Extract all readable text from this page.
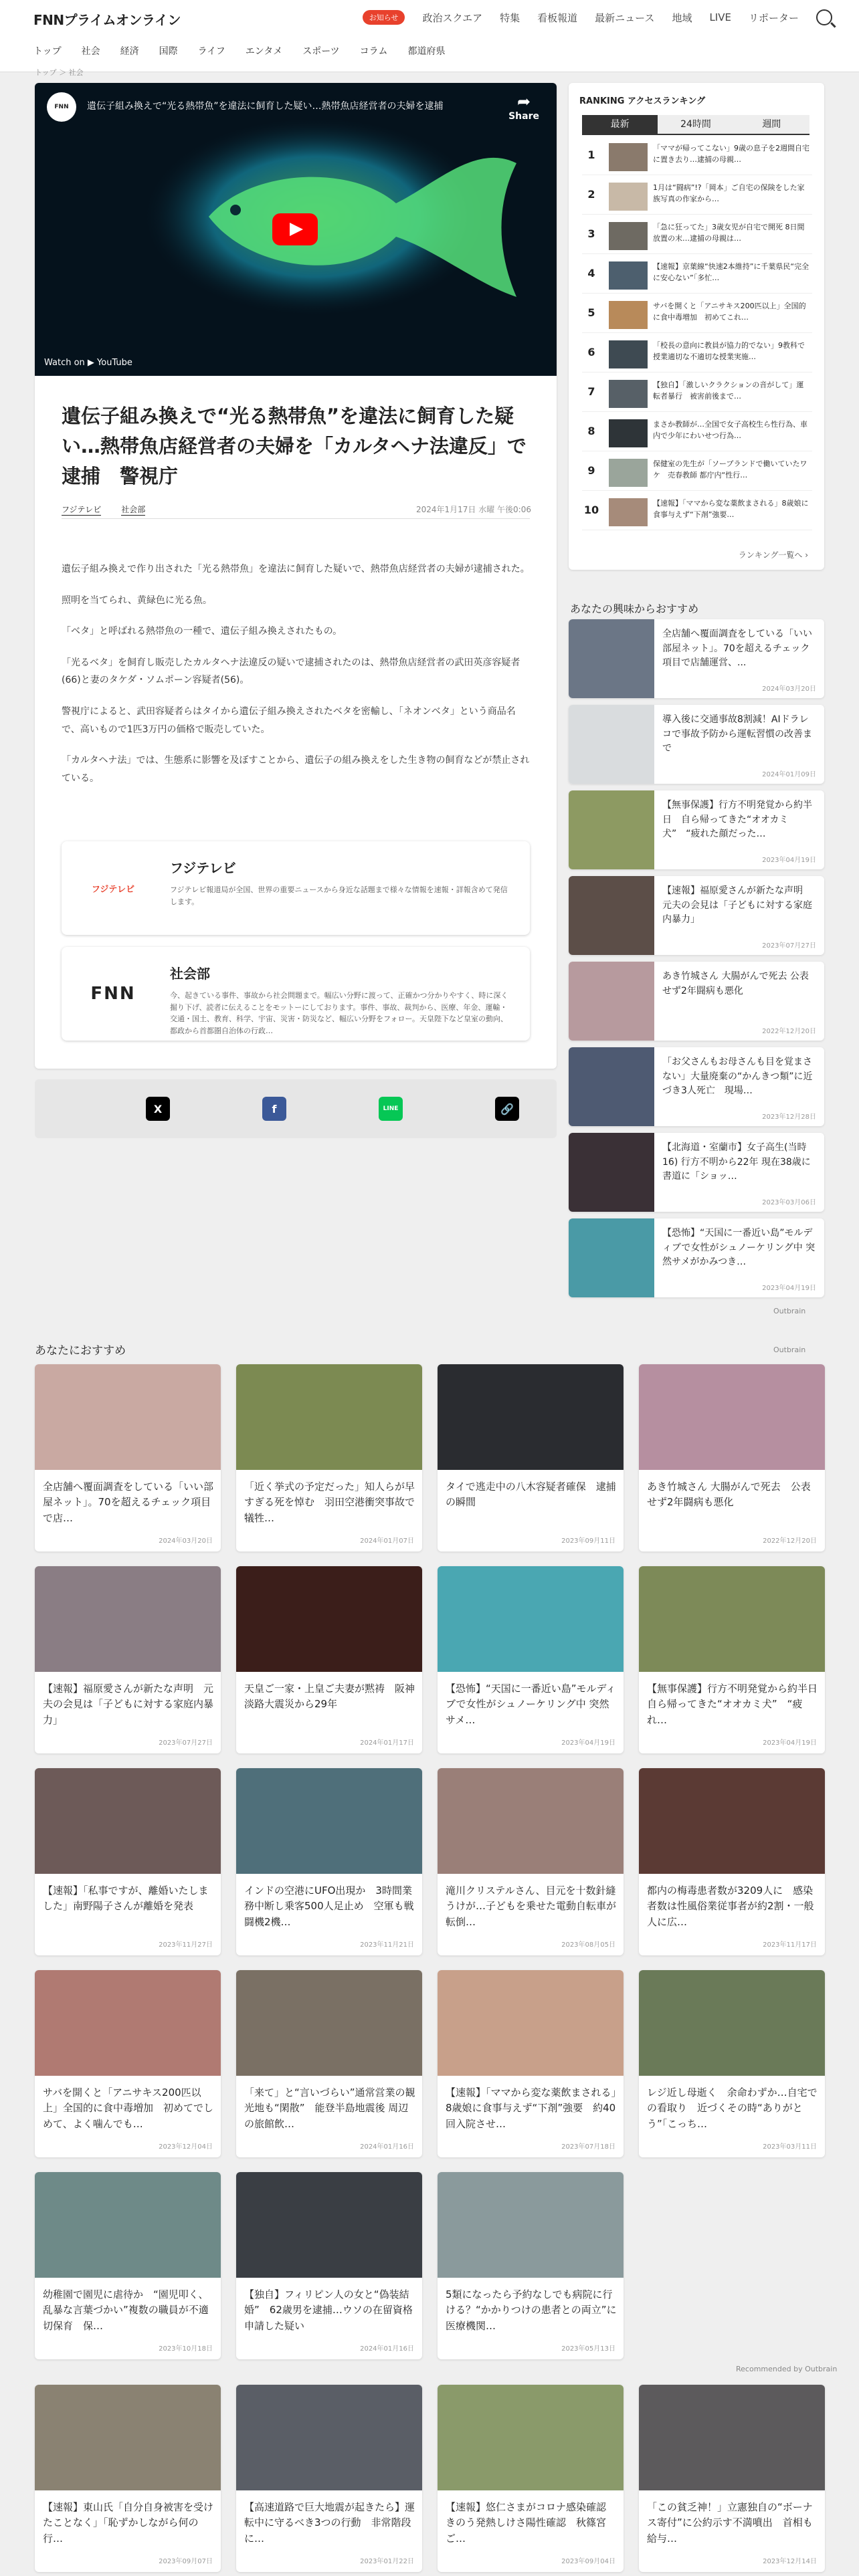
FNNプライムオンライン	お知らせ	政治スクエア 特集 看板報道 最新ニュース 地域 LIVE リポーター
トップ 社会 経済 国際 ライフ エンタメ スポーツ コラム 都道府県
トップ ＞ 社会
FNN	遺伝子組み換えで“光る熱帯魚”を違法に飼育した疑い…熱帯魚店経営者の夫婦を逮捕	➦
Share
Watch on ▶ YouTube
遺伝子組み換えで“光る熱帯魚”を違法に飼育した疑い…熱帯魚店経営者の夫婦を「カルタヘナ法違反」で逮捕　警視庁
フジテレビ	社会部	2024年1月17日 水曜 午後0:06

遺伝子組み換えで作り出された「光る熱帯魚」を違法に飼育した疑いで、熱帯魚店経営者の夫婦が逮捕された。

照明を当てられ、黄緑色に光る魚。

「ベタ」と呼ばれる熱帯魚の一種で、遺伝子組み換えされたもの。

「光るベタ」を飼育し販売したカルタヘナ法違反の疑いで逮捕されたのは、熱帯魚店経営者の武田英彦容疑者(66)と妻のタケダ・ソムポーン容疑者(56)。

警視庁によると、武田容疑者らはタイから遺伝子組み換えされたベタを密輸し、「ネオンベタ」という商品名で、高いもので1匹3万円の価格で販売していた。

「カルタヘナ法」では、生態系に影響を及ぼすことから、遺伝子の組み換えをした生き物の飼育などが禁止されている。

フジテレビ
フジテレビ
フジテレビ報道局が全国、世界の重要ニュースから身近な話題まで様々な情報を速報・詳報含めて発信します。
FNN
社会部
今、起きている事件、事故から社会問題まで。幅広い分野に渡って、正確かつ分かりやすく、時に深く掘り下げ、読者に伝えることをモットーにしております。事件、事故、裁判から、医療、年金、運輸・交通・国土、教育、科学、宇宙、災害・防災など、幅広い分野をフォロー。天皇陛下など皇室の動向、都政から首都圏自治体の行政…
X	f	LINE	🔗
RANKING アクセスランキング
最新	24時間	週間
1
「ママが帰ってこない」9歳の息子を2週間自宅に置き去り…逮捕の母親…
2
1月は“闘病”!?「岡本」ご自宅の保険をした家族写真の作家から…
3
「急に狂ってた」3歳女児が自宅で開死 8日間放置の末…逮捕の母親は…
4
【速報】京葉線“快速2本維持”に千葉県民“完全に安心ない”「多忙…
5
サバを開くと「アニサキス200匹以上」全国的に食中毒増加　初めてこれ…
6
「校長の意向に教員が協力的でない」9教科で授業適切な不適切な授業実施…
7
【独自】「激しいクラクションの音がして」運転者暴行　被害前後まで…
8
まさか教師が…全国で女子高校生ら性行為、車内で少年にわいせつ行為…
9
保健室の先生が「ソープランドで働いていたワケ　売春教師 都庁内“性行…
10
【速報】「ママから変な薬飲まされる」8歳娘に食事与えず“下剤”強要…
ランキング一覧へ ›
あなたの興味からおすすめ
全店舗へ覆面調査をしている「いい部屋ネット」。70を超えるチェック項目で店舗運営、...
2024年03月20日
導入後に交通事故8割減！AIドラレコで事故予防から運転習慣の改善まで
2024年01月09日
【無事保護】行方不明発覚から約半日　自ら帰ってきた“オオカミ犬”　“疲れた顔だった…
2023年04月19日
【速報】福原愛さんが新たな声明　元夫の会見は「子どもに対する家庭内暴力」
2023年07月27日
あき竹城さん 大腸がんで死去 公表せず2年闘病も悪化
2022年12月20日
「お父さんもお母さんも目を覚まさない」大量廃棄の“かんきつ類”に近づき3人死亡　現場…
2023年12月28日
【北海道・室蘭市】女子高生(当時16) 行方不明から22年 現在38歳に　書道に「ショッ…
2023年03月06日
【恐怖】“天国に一番近い島”モルディブで女性がシュノーケリング中 突然サメがかみつき…
2023年04月19日
Outbrain
あなたにおすすめ	Outbrain
全店舗へ覆面調査をしている「いい部屋ネット」。70を超えるチェック項目で店…
2024年03月20日
「近く挙式の予定だった」知人らが早すぎる死を悼む　羽田空港衝突事故で犠牲…
2024年01月07日
タイで逃走中の八木容疑者確保　逮捕の瞬間
2023年09月11日
あき竹城さん 大腸がんで死去　公表せず2年闘病も悪化
2022年12月20日
【速報】福原愛さんが新たな声明　元夫の会見は「子どもに対する家庭内暴力」
2023年07月27日
天皇ご一家・上皇ご夫妻が黙祷　阪神淡路大震災から29年
2024年01月17日
【恐怖】“天国に一番近い島”モルディブで女性がシュノーケリング中 突然サメ…
2023年04月19日
【無事保護】行方不明発覚から約半日　自ら帰ってきた“オオカミ犬”　“疲れ…
2023年04月19日
【速報】「私事ですが、離婚いたしました」南野陽子さんが離婚を発表
2023年11月27日
インドの空港にUFO出現か　3時間業務中断し乗客500人足止め　空軍も戦闘機2機…
2023年11月21日
滝川クリステルさん、目元を十数針縫うけが…子どもを乗せた電動自転車が転倒…
2023年08月05日
都内の梅毒患者数が3209人に　感染者数は性風俗業従事者が約2割・一般人に広…
2023年11月17日
サバを開くと「アニサキス200匹以上」全国的に食中毒増加　初めてでしめて、よく噛んでも…
2023年12月04日
「来て」と“言いづらい”通常営業の観光地も“閑散”　能登半島地震後 周辺の旅館飲…
2024年01月16日
【速報】「ママから変な薬飲まされる」8歳娘に食事与えず“下剤”強要　約40回入院させ…
2023年07月18日
レジ近し母逝く　余命わずか…自宅での看取り　近づくその時“ありがとう”「こっち…
2023年03月11日
幼稚園で園児に虐待か　“園児叩く、乱暴な言葉づかい”複数の職員が不適切保育　保…
2023年10月18日
【独自】フィリピン人の女と“偽装結婚”　62歳男を逮捕…ウソの在留資格申請した疑い
2024年01月16日
5類になったら予約なしでも病院に行ける？“かかりつけの患者との両立”に医療機関…
2023年05月13日
Recommended by Outbrain
【速報】東山氏「自分自身被害を受けたことなく」「恥ずかしながら何の行…
2023年09月07日
【高速道路で巨大地震が起きたら】運転中に守るべき3つの行動　非常階段に…
2023年01月22日
【速報】悠仁さまがコロナ感染確認　きのう発熱しけさ陽性確認　秋篠宮ご…
2023年09月04日
「この貧乏神！」立憲独自の“ボーナス寄付”に公約示す不満噴出　首相も給与…
2023年12月14日
